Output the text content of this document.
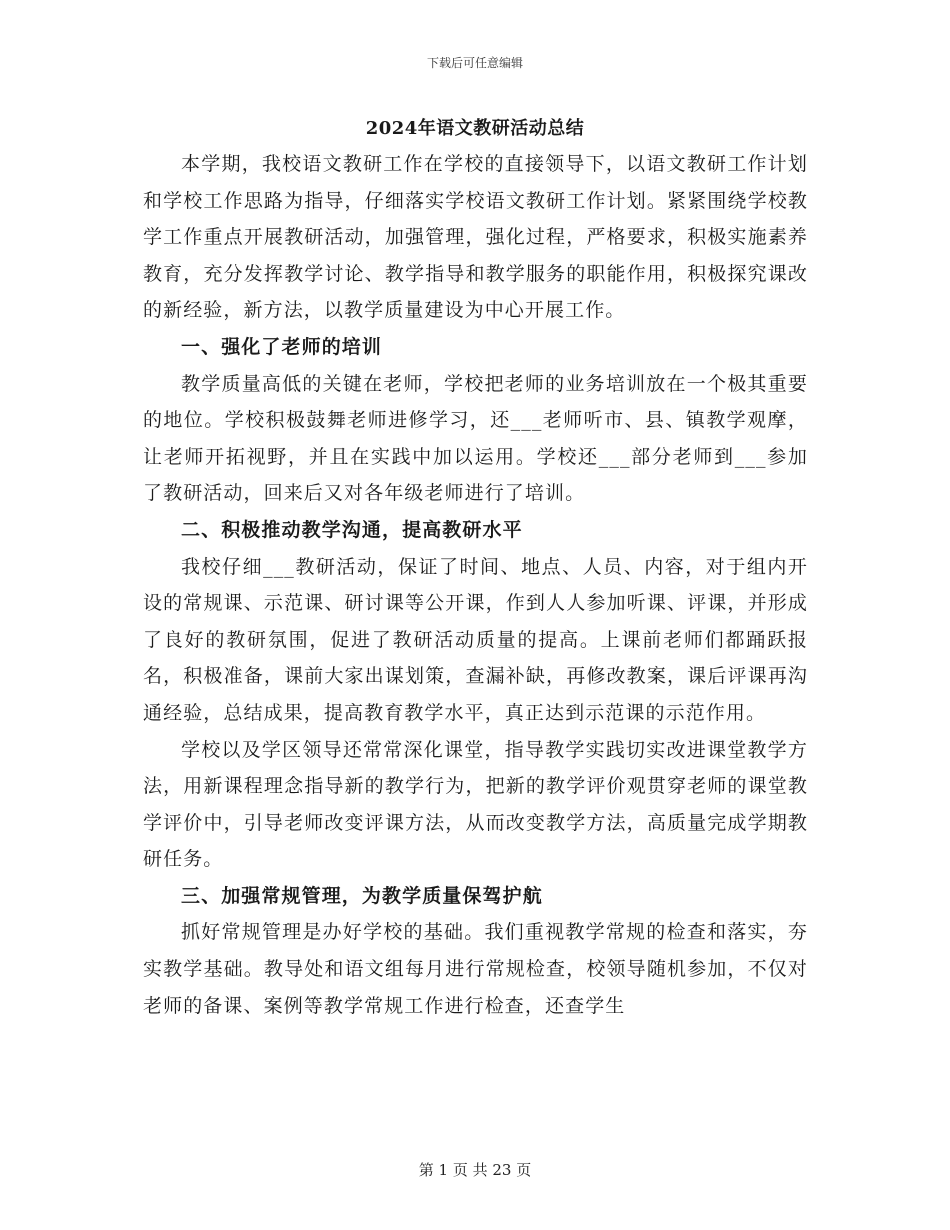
下载后可任意编辑
2024年语文教研活动总结

本学期，我校语文教研工作在学校的直接领导下，以语文教研工作计划和学校工作思路为指导，仔细落实学校语文教研工作计划。紧紧围绕学校教学工作重点开展教研活动，加强管理，强化过程，严格要求，积极实施素养教育，充分发挥教学讨论、教学指导和教学服务的职能作用，积极探究课改的新经验，新方法，以教学质量建设为中心开展工作。

一、强化了老师的培训

教学质量高低的关键在老师，学校把老师的业务培训放在一个极其重要的地位。学校积极鼓舞老师进修学习，还___老师听市、县、镇教学观摩，让老师开拓视野，并且在实践中加以运用。学校还___部分老师到___参加了教研活动，回来后又对各年级老师进行了培训。

二、积极推动教学沟通，提高教研水平

我校仔细___教研活动，保证了时间、地点、人员、内容，对于组内开设的常规课、示范课、研讨课等公开课，作到人人参加听课、评课，并形成了良好的教研氛围，促进了教研活动质量的提高。上课前老师们都踊跃报名，积极准备，课前大家出谋划策，查漏补缺，再修改教案，课后评课再沟通经验，总结成果，提高教育教学水平，真正达到示范课的示范作用。

学校以及学区领导还常常深化课堂，指导教学实践切实改进课堂教学方法，用新课程理念指导新的教学行为，把新的教学评价观贯穿老师的课堂教学评价中，引导老师改变评课方法，从而改变教学方法，高质量完成学期教研任务。

三、加强常规管理，为教学质量保驾护航

抓好常规管理是办好学校的基础。我们重视教学常规的检查和落实，夯实教学基础。教导处和语文组每月进行常规检查，校领导随机参加，不仅对老师的备课、案例等教学常规工作进行检查，还查学生

第 1 页 共 23 页
